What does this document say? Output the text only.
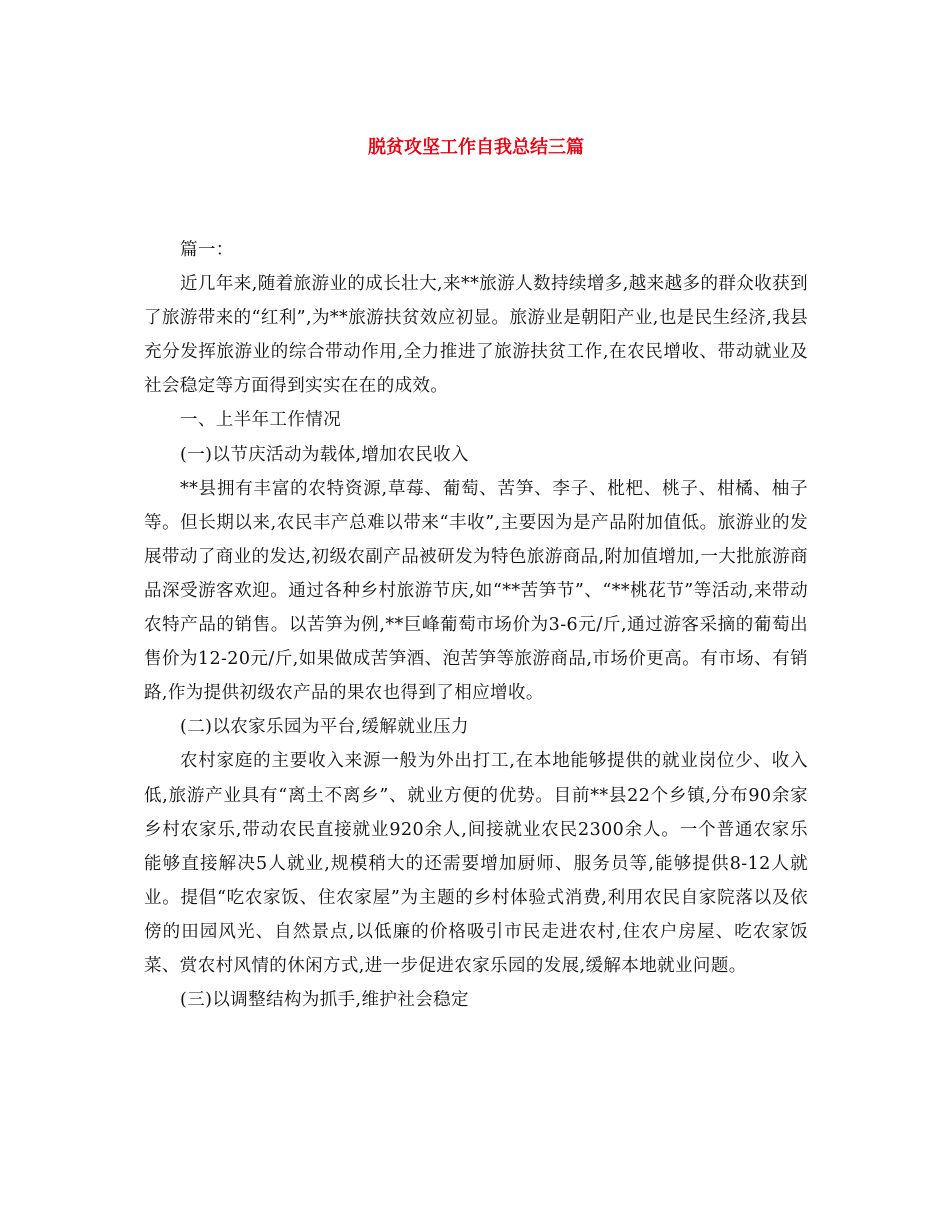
脱贫攻坚工作自我总结三篇

篇一：

近几年来,随着旅游业的成长壮大,来**旅游人数持续增多,越来越多的群众收获到了旅游带来的“红利”,为**旅游扶贫效应初显。旅游业是朝阳产业,也是民生经济,我县充分发挥旅游业的综合带动作用,全力推进了旅游扶贫工作,在农民增收、带动就业及社会稳定等方面得到实实在在的成效。

一、上半年工作情况

(一)以节庆活动为载体,增加农民收入

**县拥有丰富的农特资源,草莓、葡萄、苦笋、李子、枇杷、桃子、柑橘、柚子等。但长期以来,农民丰产总难以带来“丰收”,主要因为是产品附加值低。旅游业的发展带动了商业的发达,初级农副产品被研发为特色旅游商品,附加值增加,一大批旅游商品深受游客欢迎。通过各种乡村旅游节庆,如“**苦笋节”、“**桃花节”等活动,来带动农特产品的销售。以苦笋为例,**巨峰葡萄市场价为3-6元/斤,通过游客采摘的葡萄出售价为12-20元/斤,如果做成苦笋酒、泡苦笋等旅游商品,市场价更高。有市场、有销路,作为提供初级农产品的果农也得到了相应增收。

(二)以农家乐园为平台,缓解就业压力

农村家庭的主要收入来源一般为外出打工,在本地能够提供的就业岗位少、收入低,旅游产业具有“离土不离乡”、就业方便的优势。目前**县22个乡镇,分布90余家乡村农家乐,带动农民直接就业920余人,间接就业农民2300余人。一个普通农家乐能够直接解决5人就业,规模稍大的还需要增加厨师、服务员等,能够提供8-12人就业。提倡“吃农家饭、住农家屋”为主题的乡村体验式消费,利用农民自家院落以及依傍的田园风光、自然景点,以低廉的价格吸引市民走进农村,住农户房屋、吃农家饭菜、赏农村风情的休闲方式,进一步促进农家乐园的发展,缓解本地就业问题。

(三)以调整结构为抓手,维护社会稳定
